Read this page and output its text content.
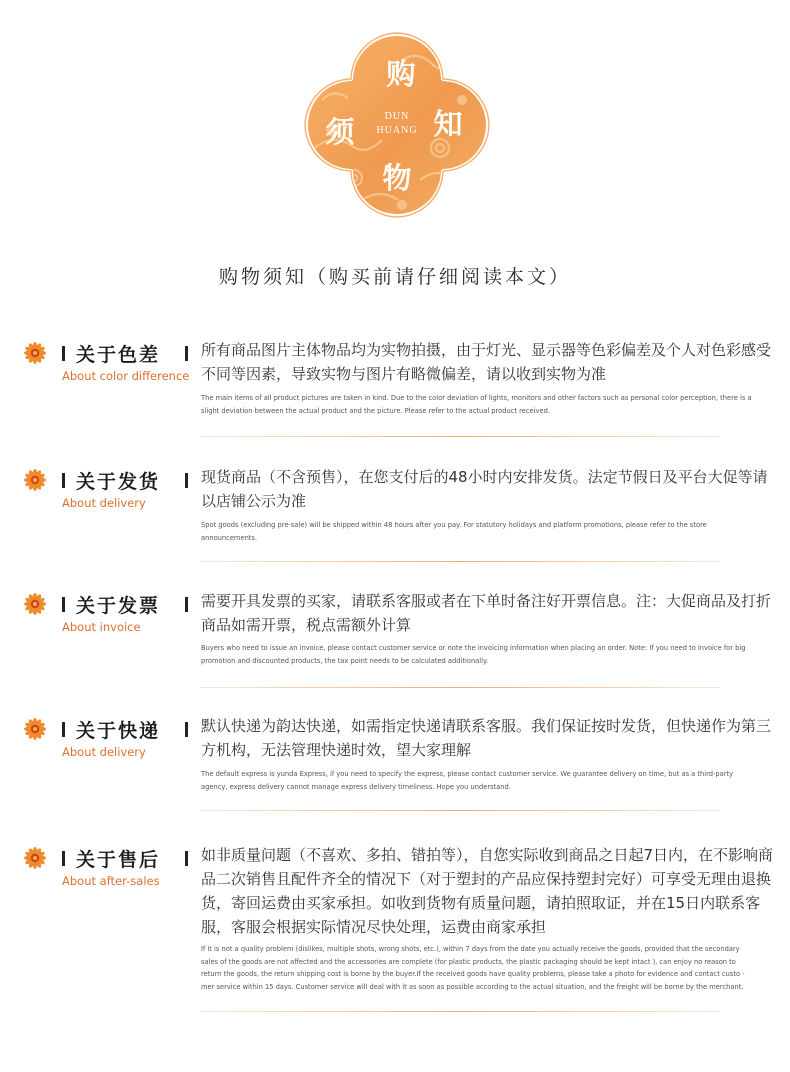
购
知
物
须	DUN
HUANG
购物须知（购买前请仔细阅读本文）
关于色差
About color difference
所有商品图片主体物品均为实物拍摄，由于灯光、显示器等色彩偏差及个人对色彩感受不同等因素，导致实物与图片有略微偏差，请以收到实物为准
The main items of all product pictures are taken in kind. Due to the color deviation of lights, monitors and other factors such as personal color perception, there is a slight deviation between the actual product and the picture. Please refer to the actual product received.
关于发货
About delivery
现货商品（不含预售），在您支付后的48小时内安排发货。法定节假日及平台大促等请以店铺公示为准
Spot goods (excluding pre-sale) will be shipped within 48 hours after you pay. For statutory holidays and platform promotions, please refer to the store announcements.
关于发票
About invoice
需要开具发票的买家，请联系客服或者在下单时备注好开票信息。注：大促商品及打折商品如需开票，税点需额外计算
Buyers who need to issue an invoice, please contact customer service or note the invoicing information when placing an order. Note: If you need to invoice for big promotion and discounted products, the tax point needs to be calculated additionally.
关于快递
About delivery
默认快递为韵达快递，如需指定快递请联系客服。我们保证按时发货，但快递作为第三方机构，无法管理快递时效，望大家理解
The default express is yunda Express, if you need to specify the express, please contact customer service. We guarantee delivery on time, but as a third-party agency, express delivery cannot manage express delivery timeliness. Hope you understand.
关于售后
About after-sales
如非质量问题（不喜欢、多拍、错拍等），自您实际收到商品之日起7日内，在不影响商品二次销售且配件齐全的情况下（对于塑封的产品应保持塑封完好）可享受无理由退换货，寄回运费由买家承担。如收到货物有质量问题，请拍照取证，并在15日内联系客服，客服会根据实际情况尽快处理，运费由商家承担
If it is not a quality problem (dislikes, multiple shots, wrong shots, etc.), within 7 days from the date you actually receive the goods, provided that the secondary sales of the goods are not affected and the accessories are complete (for plastic products, the plastic packaging should be kept intact ), can enjoy no reason to return the goods, the return shipping cost is borne by the buyer.If the received goods have quality problems, please take a photo for evidence and contact custo -mer service within 15 days. Customer service will deal with it as soon as possible according to the actual situation, and the freight will be borne by the merchant.
